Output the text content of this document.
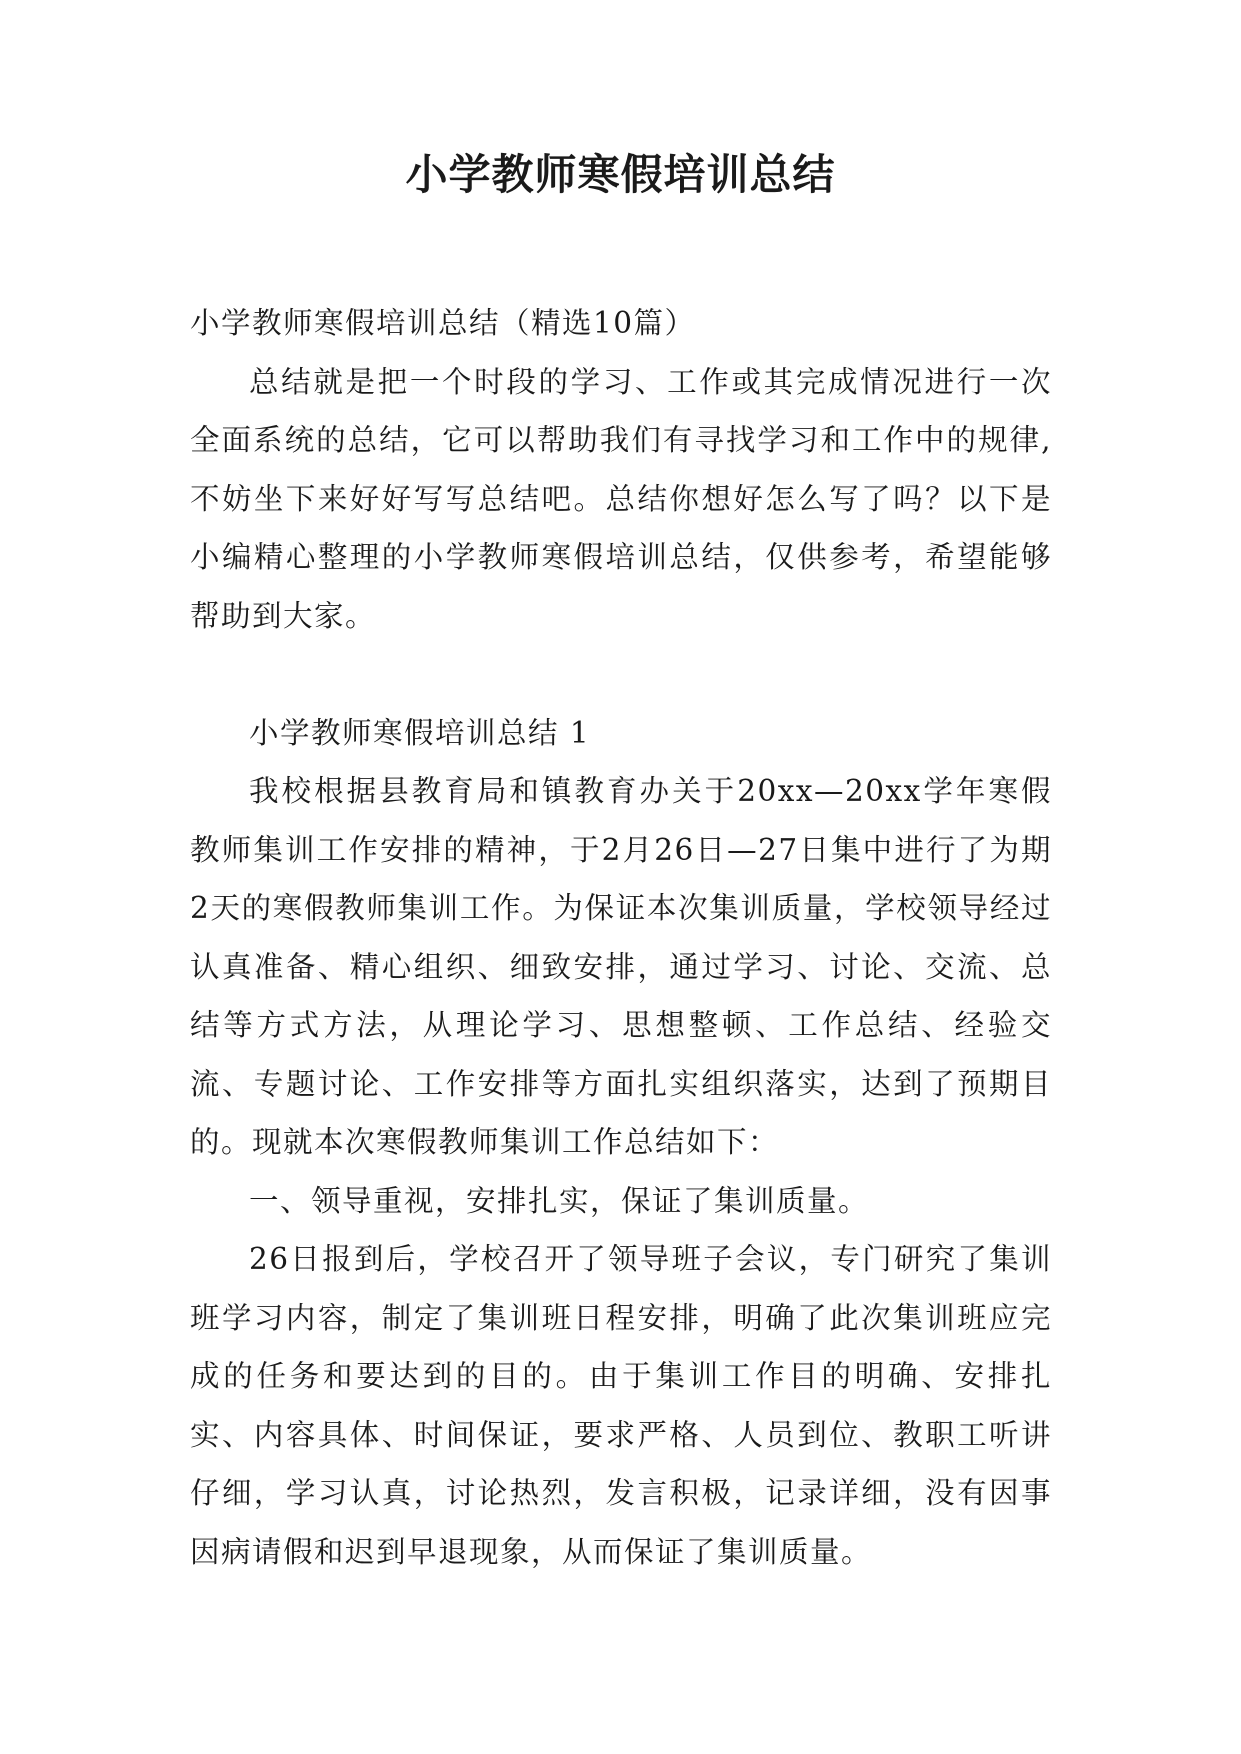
小学教师寒假培训总结

小学教师寒假培训总结（精选10篇）

总结就是把一个时段的学习、工作或其完成情况进行一次全面系统的总结，它可以帮助我们有寻找学习和工作中的规律,不妨坐下来好好写写总结吧。总结你想好怎么写了吗？以下是小编精心整理的小学教师寒假培训总结，仅供参考，希望能够帮助到大家。

小学教师寒假培训总结 1

我校根据县教育局和镇教育办关于20xx—20xx学年寒假教师集训工作安排的精神，于2月26日—27日集中进行了为期2天的寒假教师集训工作。为保证本次集训质量，学校领导经过认真准备、精心组织、细致安排，通过学习、讨论、交流、总结等方式方法，从理论学习、思想整顿、工作总结、经验交流、专题讨论、工作安排等方面扎实组织落实，达到了预期目的。现就本次寒假教师集训工作总结如下：

一、领导重视，安排扎实，保证了集训质量。

26日报到后，学校召开了领导班子会议，专门研究了集训班学习内容，制定了集训班日程安排，明确了此次集训班应完成的任务和要达到的目的。由于集训工作目的明确、安排扎实、内容具体、时间保证，要求严格、人员到位、教职工听讲仔细，学习认真，讨论热烈，发言积极，记录详细，没有因事因病请假和迟到早退现象，从而保证了集训质量。
